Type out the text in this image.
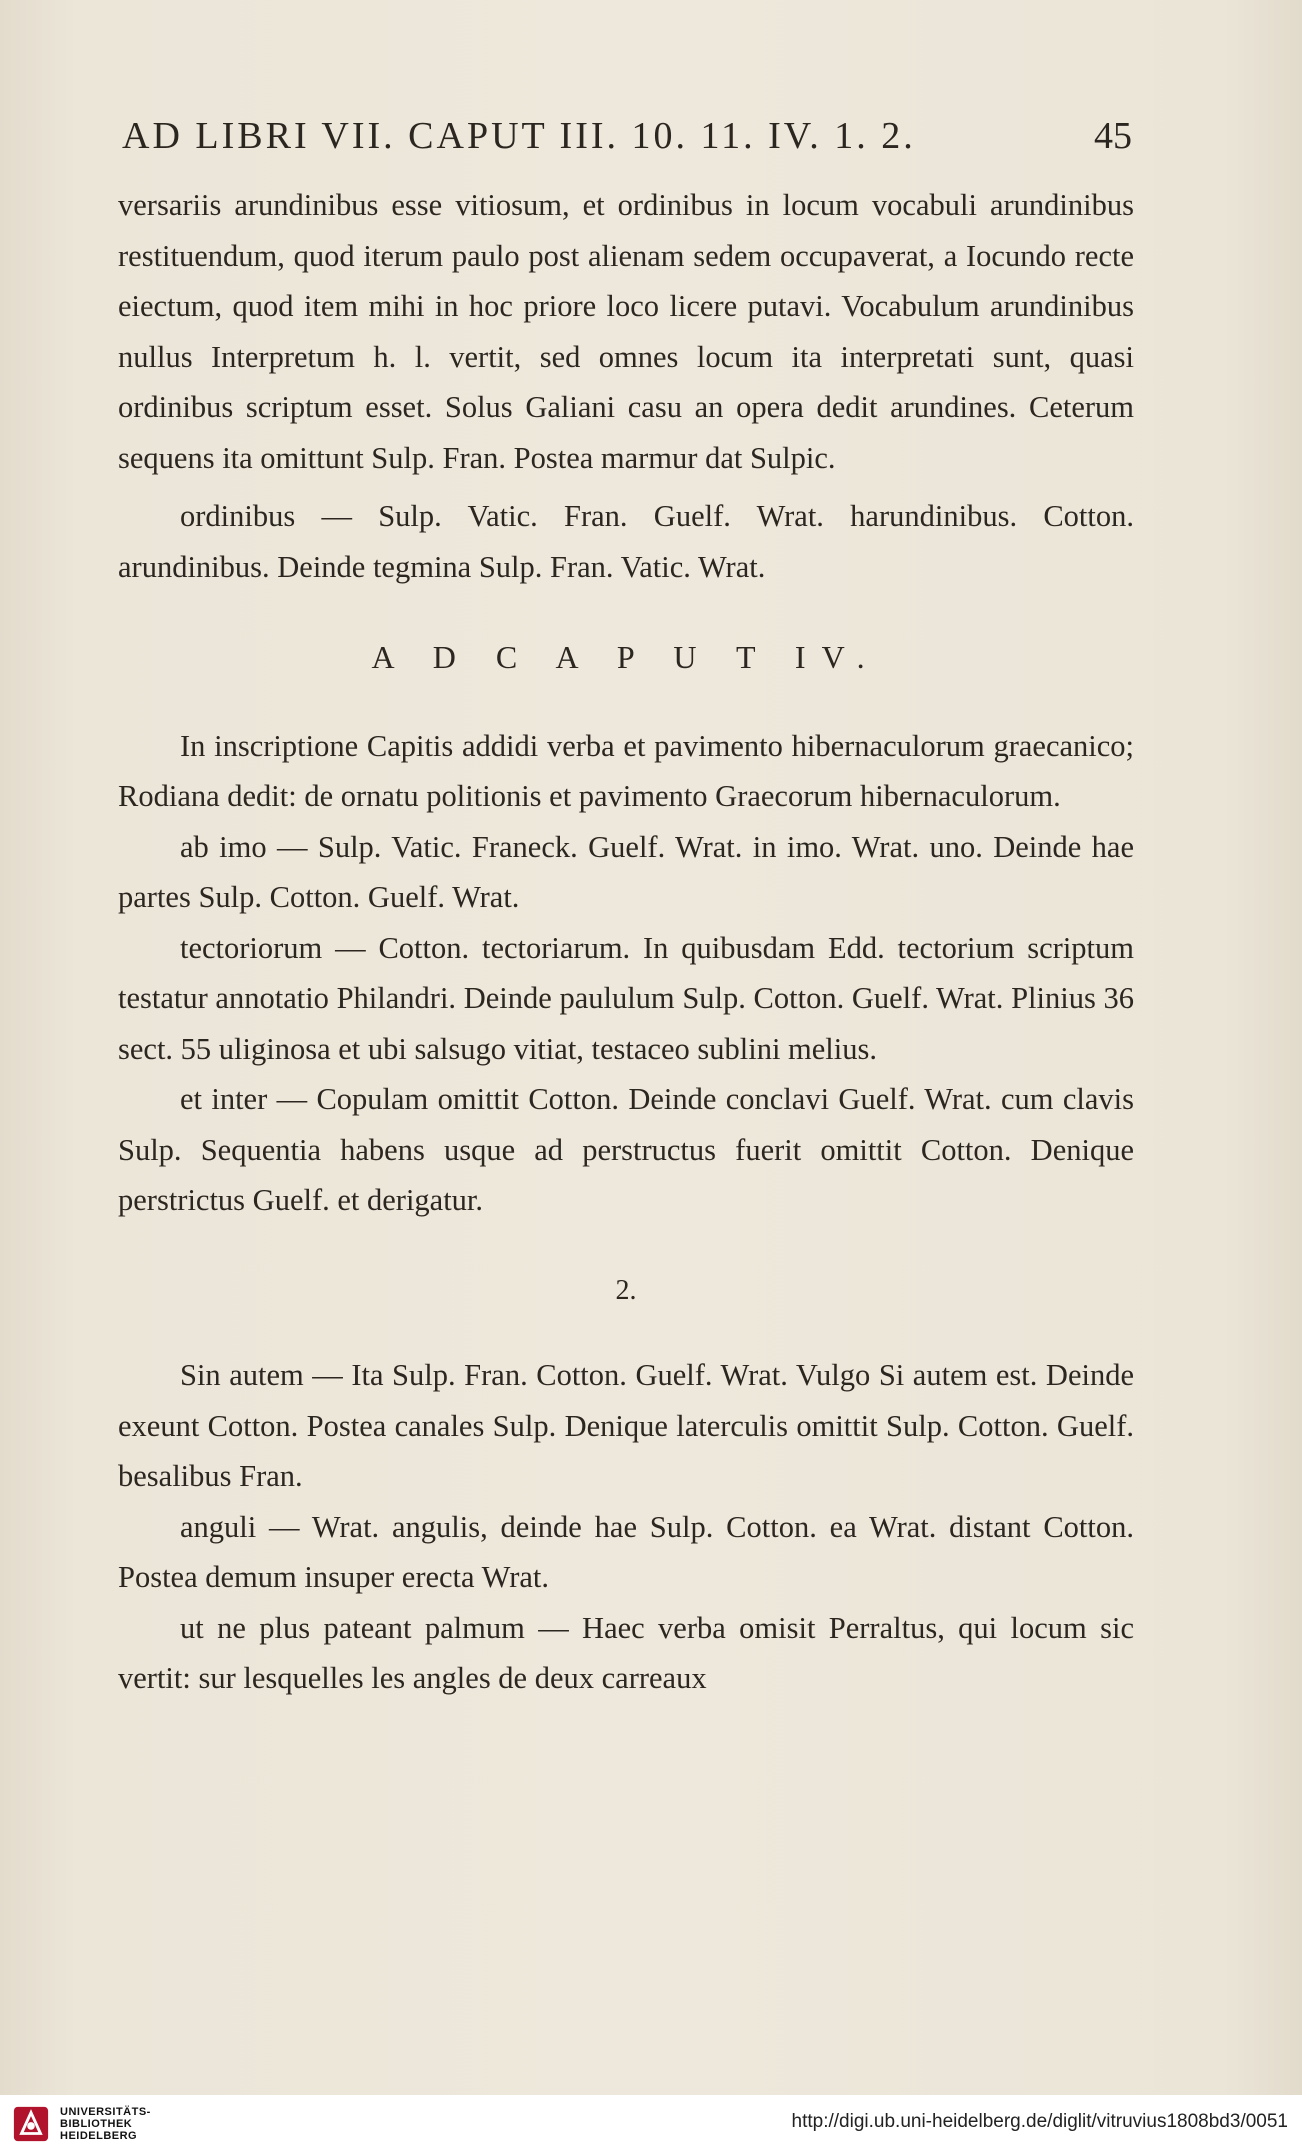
AD LIBRI VII. CAPUT III. 10. 11. IV. 1. 2.	45

versariis arundinibus esse vitiosum, et ordinibus in locum vocabuli arundinibus restituendum, quod iterum paulo post alienam sedem occupaverat, a Iocundo recte eiectum, quod item mihi in hoc priore loco licere putavi. Vocabulum arundinibus nullus Interpretum h. l. vertit, sed omnes locum ita interpretati sunt, quasi ordinibus scriptum esset. Solus Galiani casu an opera dedit arundines. Ceterum sequens ita omittunt Sulp. Fran. Postea marmur dat Sulpic.

ordinibus — Sulp. Vatic. Fran. Guelf. Wrat. harundinibus. Cotton. arundinibus. Deinde tegmina Sulp. Fran. Vatic. Wrat.

A D C A P U T IV.

In inscriptione Capitis addidi verba et pavimento hibernaculorum graecanico; Rodiana dedit: de ornatu politionis et pavimento Graecorum hibernaculorum.

ab imo — Sulp. Vatic. Franeck. Guelf. Wrat. in imo. Wrat. uno. Deinde hae partes Sulp. Cotton. Guelf. Wrat.

tectoriorum — Cotton. tectoriarum. In quibusdam Edd. tectorium scriptum testatur annotatio Philandri. Deinde paululum Sulp. Cotton. Guelf. Wrat. Plinius 36 sect. 55 uliginosa et ubi salsugo vitiat, testaceo sublini melius.

et inter — Copulam omittit Cotton. Deinde conclavi Guelf. Wrat. cum clavis Sulp. Sequentia habens usque ad perstructus fuerit omittit Cotton. Denique perstrictus Guelf. et derigatur.

2.

Sin autem — Ita Sulp. Fran. Cotton. Guelf. Wrat. Vulgo Si autem est. Deinde exeunt Cotton. Postea canales Sulp. Denique laterculis omittit Sulp. Cotton. Guelf. besalibus Fran.

anguli — Wrat. angulis, deinde hae Sulp. Cotton. ea Wrat. distant Cotton. Postea demum insuper erecta Wrat.

ut ne plus pateant palmum — Haec verba omisit Perraltus, qui locum sic vertit: sur lesquelles les angles de deux carreaux

UNIVERSITÄTS-
BIBLIOTHEK
HEIDELBERG
http://digi.ub.uni-heidelberg.de/diglit/vitruvius1808bd3/0051
